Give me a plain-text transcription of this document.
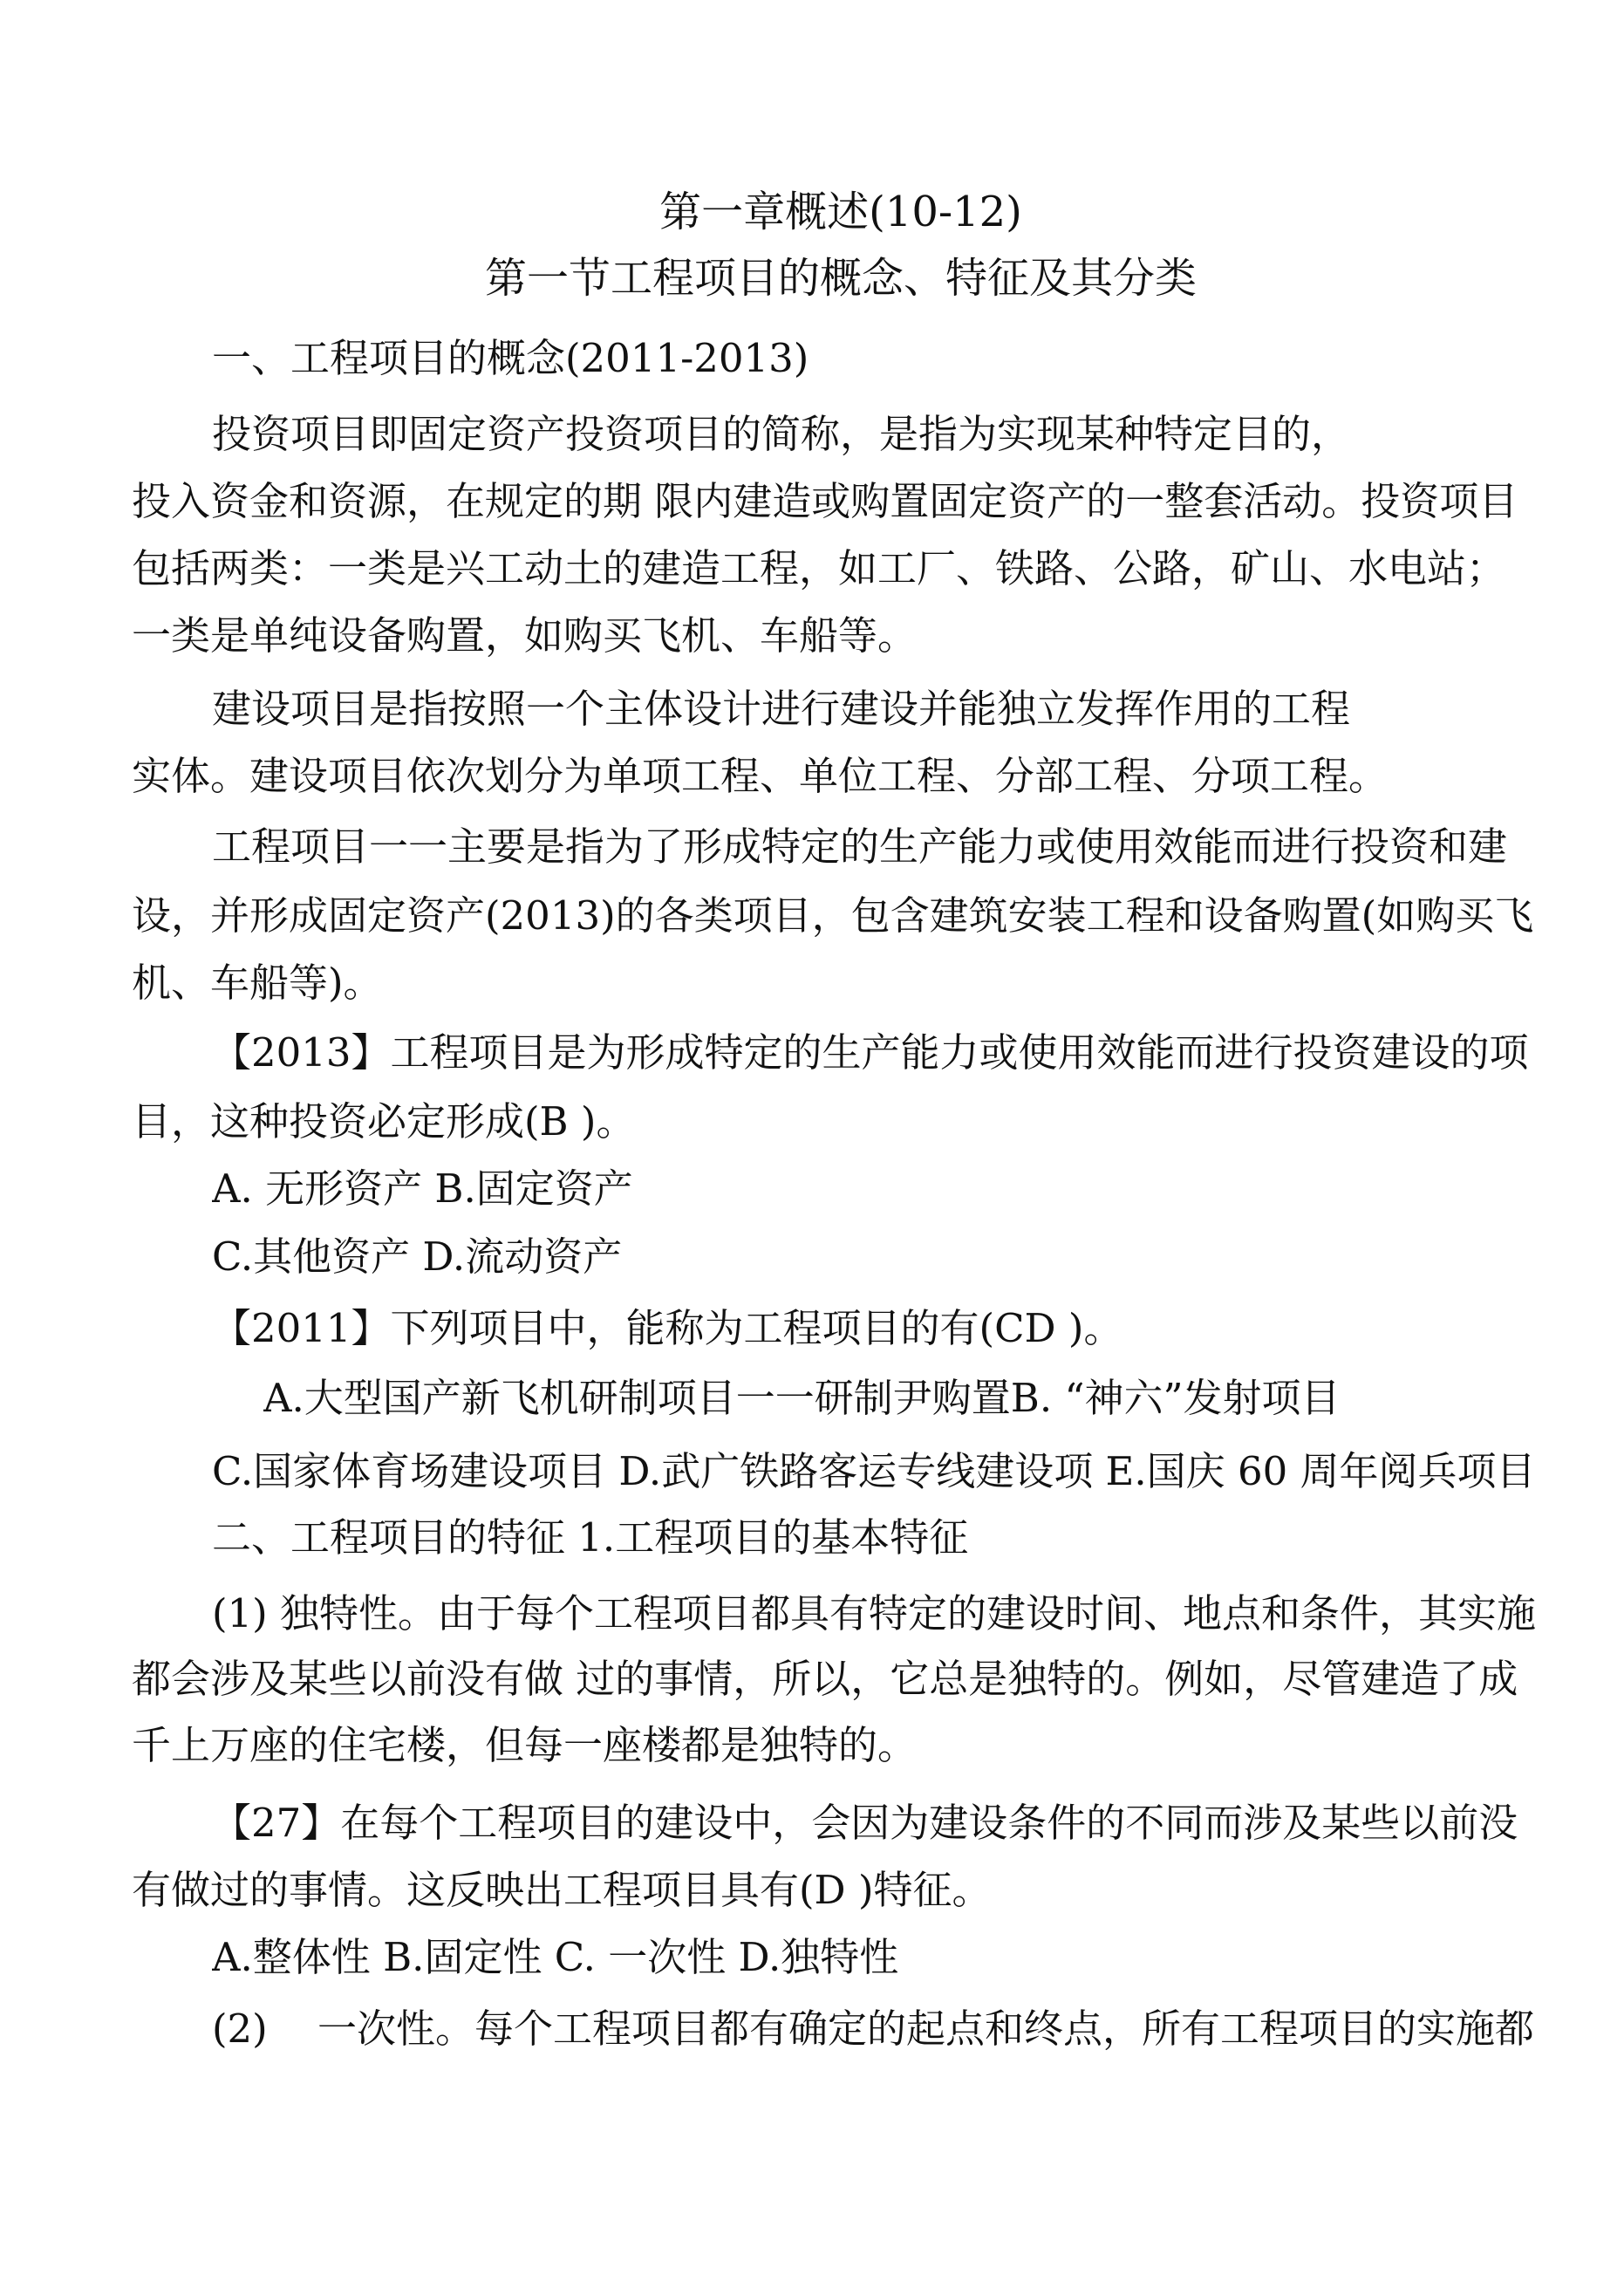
第一章概述(10-12)
第一节工程项目的概念、特征及其分类
一、工程项目的概念(2011-2013)
投资项目即固定资产投资项目的简称，是指为实现某种特定目的，
投入资金和资源，在规定的期 限内建造或购置固定资产的一整套活动。投资项目
包括两类：一类是兴工动土的建造工程，如工厂、铁路、公路，矿山、水电站；
一类是单纯设备购置，如购买飞机、车船等。
建设项目是指按照一个主体设计进行建设并能独立发挥作用的工程
实体。建设项目依次划分为单项工程、单位工程、分部工程、分项工程。
工程项目一一主要是指为了形成特定的生产能力或使用效能而进行投资和建
设，并形成固定资产(2013)的各类项目，包含建筑安装工程和设备购置(如购买飞
机、车船等)。
【2013】工程项目是为形成特定的生产能力或使用效能而进行投资建设的项
目，这种投资必定形成(B )。
A. 无形资产 B.固定资产
C.其他资产 D.流动资产
【2011】下列项目中，能称为工程项目的有(CD )。
A.大型国产新飞机研制项目一一研制尹购置B. “神六”发射项目
C.国家体育场建设项目 D.武广铁路客运专线建设项 E.国庆 60 周年阅兵项目
二、工程项目的特征 1.工程项目的基本特征
(1) 独特性。由于每个工程项目都具有特定的建设时间、地点和条件，其实施
都会涉及某些以前没有做 过的事情，所以，它总是独特的。例如，尽管建造了成
千上万座的住宅楼，但每一座楼都是独特的。
【27】在每个工程项目的建设中，会因为建设条件的不同而涉及某些以前没
有做过的事情。这反映出工程项目具有(D )特征。
A.整体性 B.固定性 C. 一次性 D.独特性
(2)    一次性。每个工程项目都有确定的起点和终点，所有工程项目的实施都
